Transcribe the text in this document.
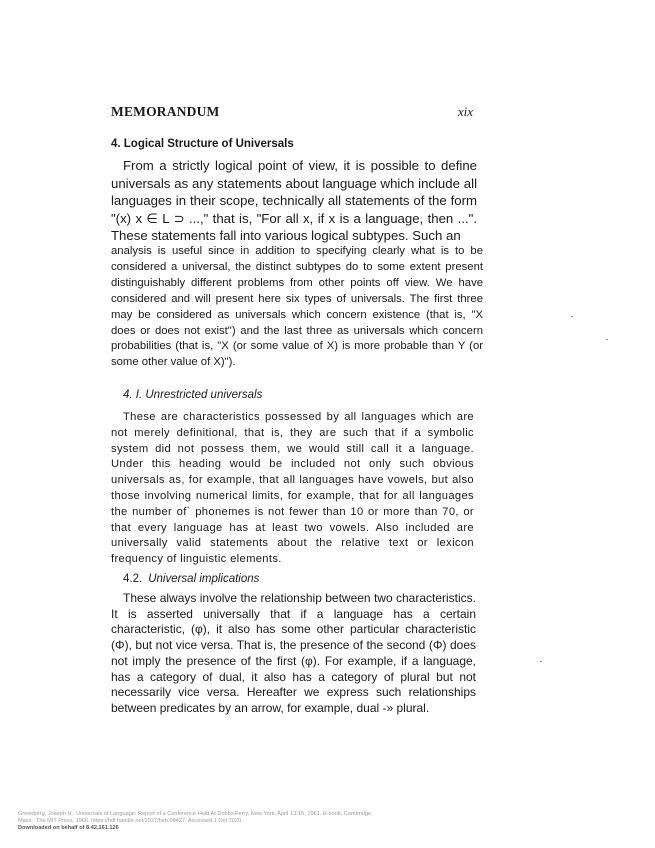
MEMORANDUM	xix
4. Logical Structure of Universals

From a strictly logical point of view, it is possible to define universals as any statements about language which include all languages in their scope, technically all statements of the form "(x) x ∈ L ⊃ ...," that is, "For all x, if x is a language, then ...". These statements fall into various logical subtypes. Such an

analysis is useful since in addition to specifying clearly what is to be considered a universal, the distinct subtypes do to some extent present distinguishably different problems from other points off view. We have considered and will present here six types of universals. The first three may be considered as universals which concern existence (that is, "X does or does not exist") and the last three as universals which concern probabilities (that is, "X (or some value of X) is more probable than Y (or some other value of X)").

4. I. Unrestricted universals

These are characteristics possessed by all languages which are not merely definitional, that is, they are such that if a symbolic system did not possess them, we would still call it a language. Under this heading would be included not only such obvious universals as, for example, that all languages have vowels, but also those involving numerical limits, for example, that for all languages the number of` phonemes is not fewer than 10 or more than 70, or that every language has at least two vowels. Also included are universally valid statements about the relative text or lexicon frequency of linguistic elements.

4.2. Universal implications

These always involve the relationship between two characteristics. It is asserted universally that if a language has a certain characteristic, (φ), it also has some other particular characteristic (Φ), but not vice versa. That is, the presence of the second (Φ) does not imply the presence of the first (φ). For example, if a language, has a category of dual, it also has a category of plural but not necessarily vice versa. Hereafter we express such relationships between predicates by an arrow, for example, dual -» plural.

Greenberg, Joseph H.. Universals of Language: Report of a Conference Held At Dobbs Ferry, New York, April 13-15, 1961. E-book, Cambridge, Mass.: The MIT Press, 1966, https://hdl.handle.net/2027/heb.08427. Accessed 1 Oct 2020.
Downloaded on behalf of 8.42.161.126
